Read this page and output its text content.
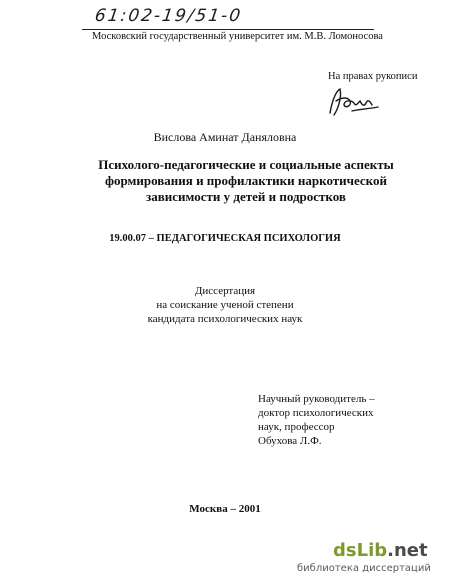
61:02-19/51-0
Московский государственный университет им. М.В. Ломоносова
На правах рукописи
Вислова Аминат Даняловна
Психолого-педагогические и социальные аспекты
формирования и профилактики наркотической
зависимости у детей и подростков
19.00.07 – ПЕДАГОГИЧЕСКАЯ ПСИХОЛОГИЯ
Диссертация
на соискание ученой степени
кандидата психологических наук
Научный руководитель –
доктор психологических
наук, профессор
Обухова Л.Ф.
Москва – 2001
dsLib.net
библиотека диссертаций
